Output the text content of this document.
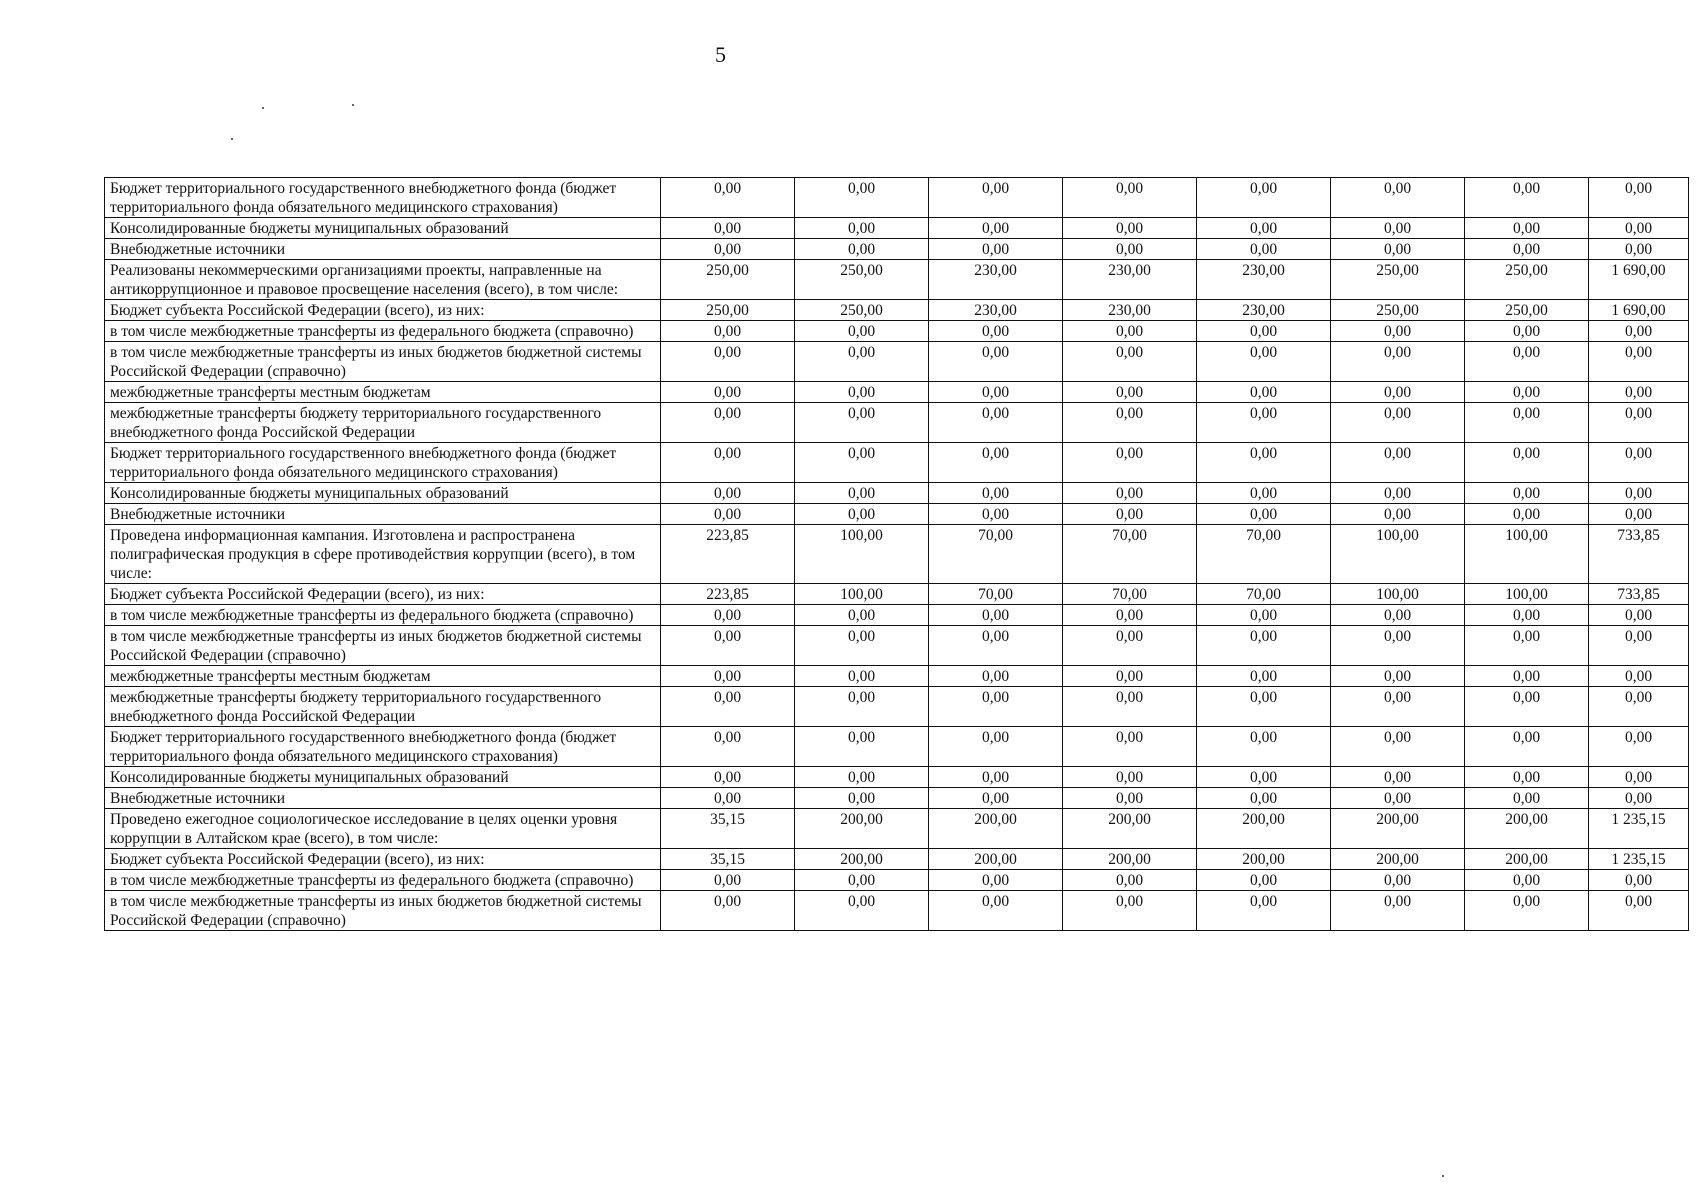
5
Бюджет территориального государственного внебюджетного фонда (бюджет территориального фонда обязательного медицинского страхования)	0,00	0,00	0,00	0,00	0,00	0,00	0,00	0,00
Консолидированные бюджеты муниципальных образований	0,00	0,00	0,00	0,00	0,00	0,00	0,00	0,00
Внебюджетные источники	0,00	0,00	0,00	0,00	0,00	0,00	0,00	0,00
Реализованы некоммерческими организациями проекты, направленные на антикоррупционное и правовое просвещение населения (всего), в том числе:	250,00	250,00	230,00	230,00	230,00	250,00	250,00	1 690,00
Бюджет субъекта Российской Федерации (всего), из них:	250,00	250,00	230,00	230,00	230,00	250,00	250,00	1 690,00
в том числе межбюджетные трансферты из федерального бюджета (справочно)	0,00	0,00	0,00	0,00	0,00	0,00	0,00	0,00
в том числе межбюджетные трансферты из иных бюджетов бюджетной системы Российской Федерации (справочно)	0,00	0,00	0,00	0,00	0,00	0,00	0,00	0,00
межбюджетные трансферты местным бюджетам	0,00	0,00	0,00	0,00	0,00	0,00	0,00	0,00
межбюджетные трансферты бюджету территориального государственного внебюджетного фонда Российской Федерации	0,00	0,00	0,00	0,00	0,00	0,00	0,00	0,00
Бюджет территориального государственного внебюджетного фонда (бюджет территориального фонда обязательного медицинского страхования)	0,00	0,00	0,00	0,00	0,00	0,00	0,00	0,00
Консолидированные бюджеты муниципальных образований	0,00	0,00	0,00	0,00	0,00	0,00	0,00	0,00
Внебюджетные источники	0,00	0,00	0,00	0,00	0,00	0,00	0,00	0,00
Проведена информационная кампания. Изготовлена и распространена полиграфическая продукция в сфере противодействия коррупции (всего), в том числе:	223,85	100,00	70,00	70,00	70,00	100,00	100,00	733,85
Бюджет субъекта Российской Федерации (всего), из них:	223,85	100,00	70,00	70,00	70,00	100,00	100,00	733,85
в том числе межбюджетные трансферты из федерального бюджета (справочно)	0,00	0,00	0,00	0,00	0,00	0,00	0,00	0,00
в том числе межбюджетные трансферты из иных бюджетов бюджетной системы Российской Федерации (справочно)	0,00	0,00	0,00	0,00	0,00	0,00	0,00	0,00
межбюджетные трансферты местным бюджетам	0,00	0,00	0,00	0,00	0,00	0,00	0,00	0,00
межбюджетные трансферты бюджету территориального государственного внебюджетного фонда Российской Федерации	0,00	0,00	0,00	0,00	0,00	0,00	0,00	0,00
Бюджет территориального государственного внебюджетного фонда (бюджет территориального фонда обязательного медицинского страхования)	0,00	0,00	0,00	0,00	0,00	0,00	0,00	0,00
Консолидированные бюджеты муниципальных образований	0,00	0,00	0,00	0,00	0,00	0,00	0,00	0,00
Внебюджетные источники	0,00	0,00	0,00	0,00	0,00	0,00	0,00	0,00
Проведено ежегодное социологическое исследование в целях оценки уровня коррупции в Алтайском крае (всего), в том числе:	35,15	200,00	200,00	200,00	200,00	200,00	200,00	1 235,15
Бюджет субъекта Российской Федерации (всего), из них:	35,15	200,00	200,00	200,00	200,00	200,00	200,00	1 235,15
в том числе межбюджетные трансферты из федерального бюджета (справочно)	0,00	0,00	0,00	0,00	0,00	0,00	0,00	0,00
в том числе межбюджетные трансферты из иных бюджетов бюджетной системы Российской Федерации (справочно)	0,00	0,00	0,00	0,00	0,00	0,00	0,00	0,00
